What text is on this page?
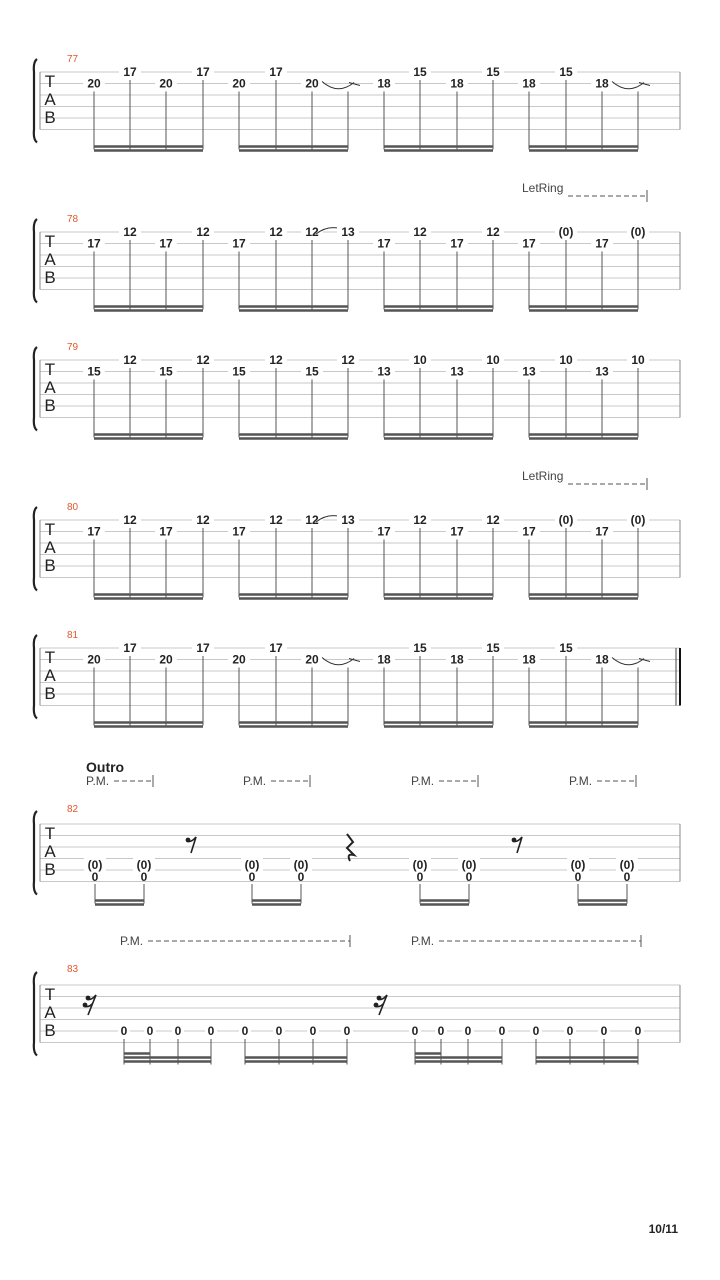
T
A
B
77
20
17
20
17
20
17
20	18
15
18
15
18
15
18
T
A
B
78
LetRing
17
12
17
12
17
12 12 13
17
12
17
12
17
(0)
17
(0)
T
A
B
79
15
12
15
12
15
12
15
12
13
10
13
10
13
10
13
10
T
A
B
80
LetRing
17
12
17
12
17
12 12 13
17
12
17
12
17
(0)
17
(0)
T
A
B
81
20
17
20
17
20
17
20	18
15
18
15
18
15
18
Outro
P.M.	P.M.	P.M.	P.M.
T
A
B
82
(0)
0
(0)
0
(0)
0
(0)
0
(0)
0
(0)
0
(0)
0
(0)
0
T
A
B
83
P.M.	P.M.
0 0 0 0 0 0 0 0	0 0 0 0 0 0 0 0
10/11
